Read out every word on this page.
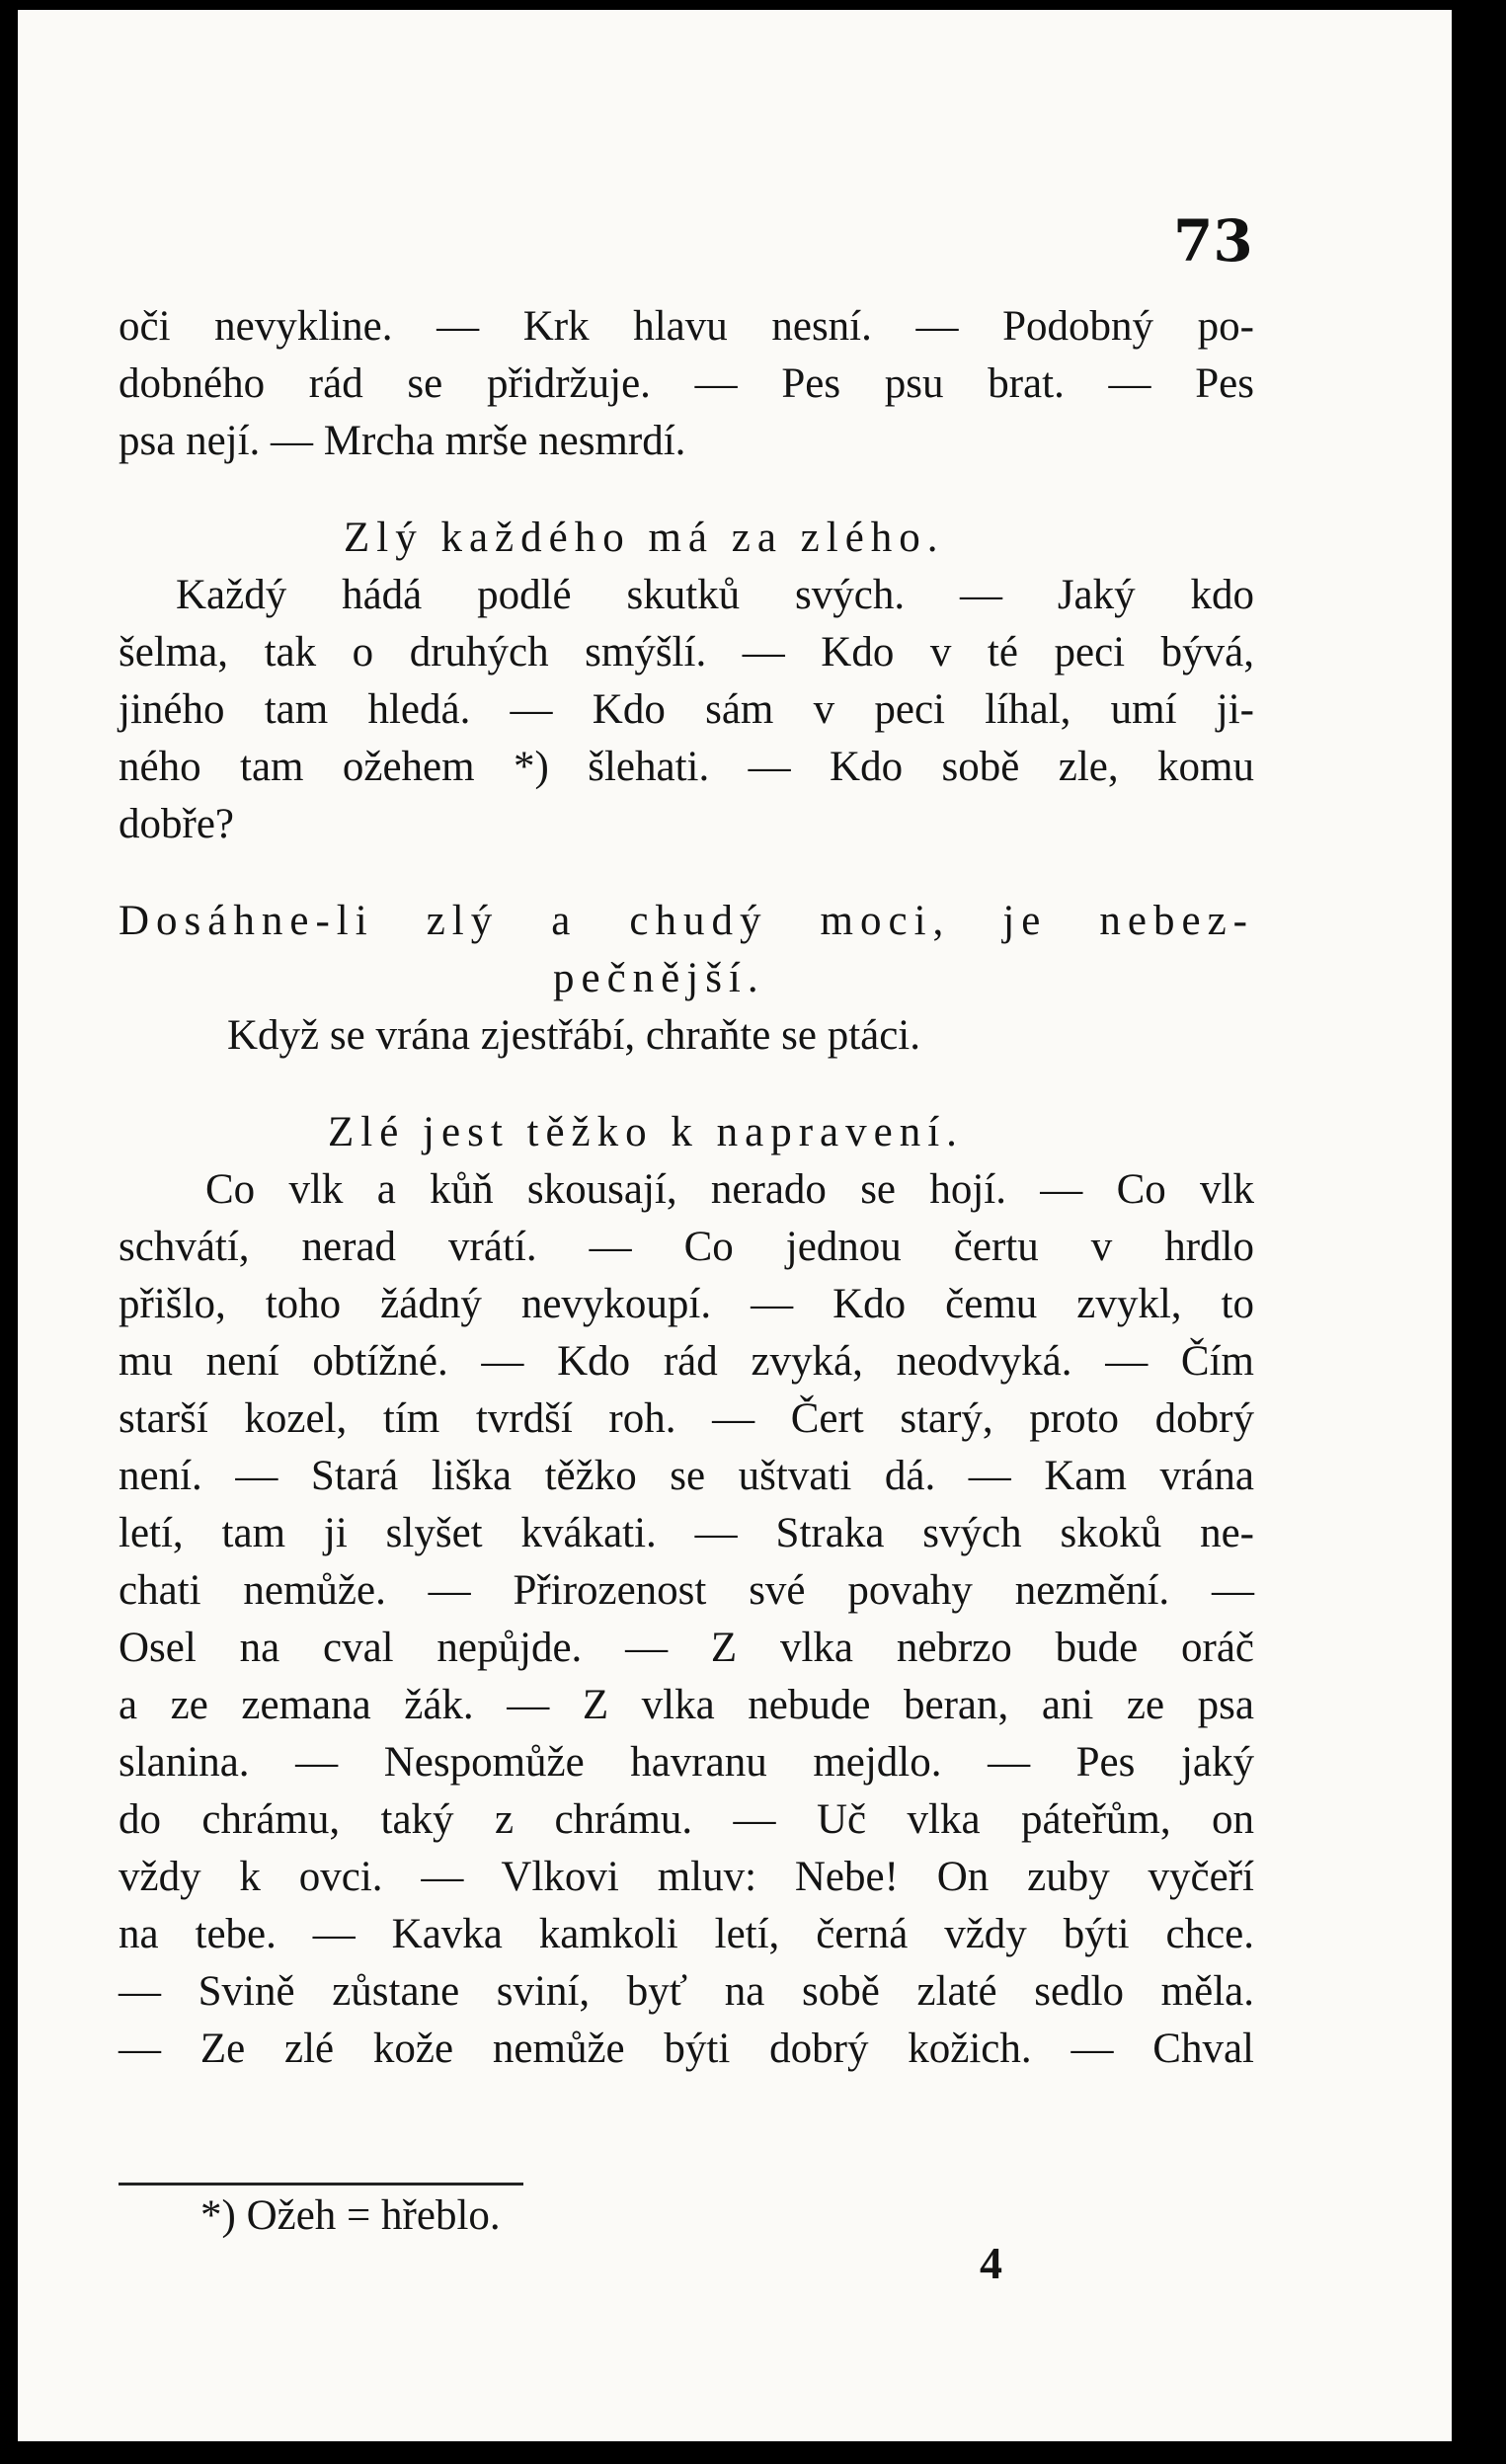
73
oči nevykline. — Krk hlavu nesní. — Podobný po-
dobného rád se přidržuje. — Pes psu brat. — Pes
psa nejí. — Mrcha mrše nesmrdí.
Zlý každého má za zlého.
Každý hádá podlé skutků svých. — Jaký kdo
šelma, tak o druhých smýšlí. — Kdo v té peci bývá,
jiného tam hledá. — Kdo sám v peci líhal, umí ji-
ného tam ožehem *) šlehati. — Kdo sobě zle, komu
dobře?
Dosáhne-li zlý a chudý moci, je nebez-
pečnější.
Když se vrána zjestřábí, chraňte se ptáci.
Zlé jest těžko k napravení.
Co vlk a kůň skousají, nerado se hojí. — Co vlk
schvátí, nerad vrátí. — Co jednou čertu v hrdlo
přišlo, toho žádný nevykoupí. — Kdo čemu zvykl, to
mu není obtížné. — Kdo rád zvyká, neodvyká. — Čím
starší kozel, tím tvrdší roh. — Čert starý, proto dobrý
není. — Stará liška těžko se uštvati dá. — Kam vrána
letí, tam ji slyšet kvákati. — Straka svých skoků ne-
chati nemůže. — Přirozenost své povahy nezmění. —
Osel na cval nepůjde. — Z vlka nebrzo bude oráč
a ze zemana žák. — Z vlka nebude beran, ani ze psa
slanina. — Nespomůže havranu mejdlo. — Pes jaký
do chrámu, taký z chrámu. — Uč vlka páteřům, on
vždy k ovci. — Vlkovi mluv: Nebe! On zuby vyčeří
na tebe. — Kavka kamkoli letí, černá vždy býti chce.
— Svině zůstane sviní, byť na sobě zlaté sedlo měla.
— Ze zlé kože nemůže býti dobrý kožich. — Chval
*) Ožeh = hřeblo.
4
